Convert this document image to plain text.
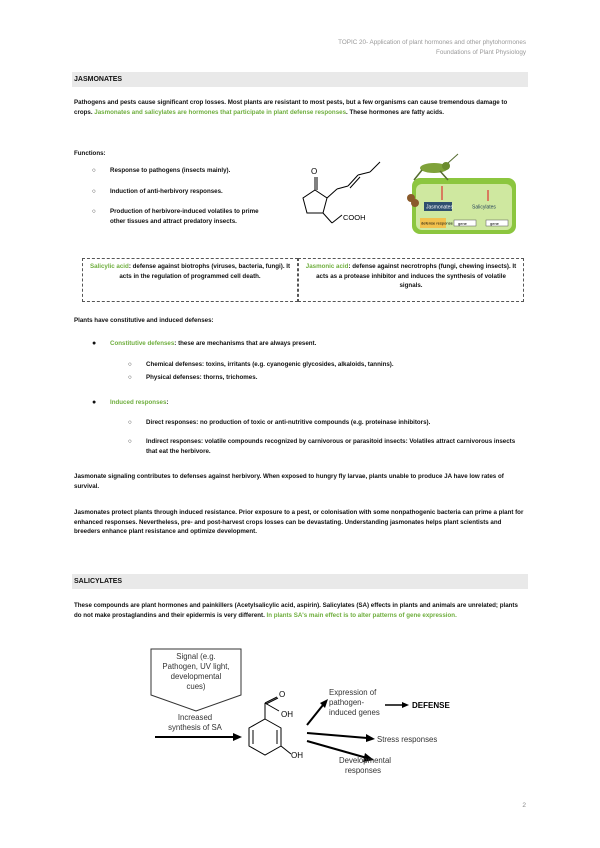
TOPIC 20- Application of plant hormones and other phytohormones
Foundations of Plant Physiology
JASMONATES
Pathogens and pests cause significant crop losses. Most plants are resistant to most pests, but a few organisms can cause tremendous damage to crops. Jasmonates and salicylates are hormones that participate in plant defense responses. These hormones are fatty acids.
Functions:
○ Response to pathogens (insects mainly).
○ Induction of anti-herbivory responses.
○ Production of herbivore-induced volatiles to prime other tissues and attract predatory insects.
O
COOH
Jasmonates	Salicylates
defense response gene	gene
Salicylic acid: defense against biotrophs (viruses, bacteria, fungi). It acts in the regulation of programmed cell death.
Jasmonic acid: defense against necrotrophs (fungi, chewing insects). It acts as a protease inhibitor and induces the synthesis of volatile signals.
Plants have constitutive and induced defenses:
● Constitutive defenses: these are mechanisms that are always present.
○ Chemical defenses: toxins, irritants (e.g. cyanogenic glycosides, alkaloids, tannins).
○ Physical defenses: thorns, trichomes.
● Induced responses:
○ Direct responses: no production of toxic or anti-nutritive compounds (e.g. proteinase inhibitors).
○ Indirect responses: volatile compounds recognized by carnivorous or parasitoid insects: Volatiles attract carnivorous insects that eat the herbivore.
Jasmonate signaling contributes to defenses against herbivory. When exposed to hungry fly larvae, plants unable to produce JA have low rates of survival.
Jasmonates protect plants through induced resistance. Prior exposure to a pest, or colonisation with some nonpathogenic bacteria can prime a plant for enhanced responses. Nevertheless, pre- and post-harvest crops losses can be devastating. Understanding jasmonates helps plant scientists and breeders enhance plant resistance and optimize development.
SALICYLATES
These compounds are plant hormones and painkillers (Acetylsalicylic acid, aspirin). Salicylates (SA) effects in plants and animals are unrelated; plants do not make prostaglandins and their epidermis is very different. In plants SA's main effect is to alter patterns of gene expression.
Signal (e.g.
Pathogen, UV light,
developmental
cues)
Increased
synthesis of SA
O
OH
OH
Expression of
pathogen-
induced genes
DEFENSE
Stress responses
Developmental
responses
2
